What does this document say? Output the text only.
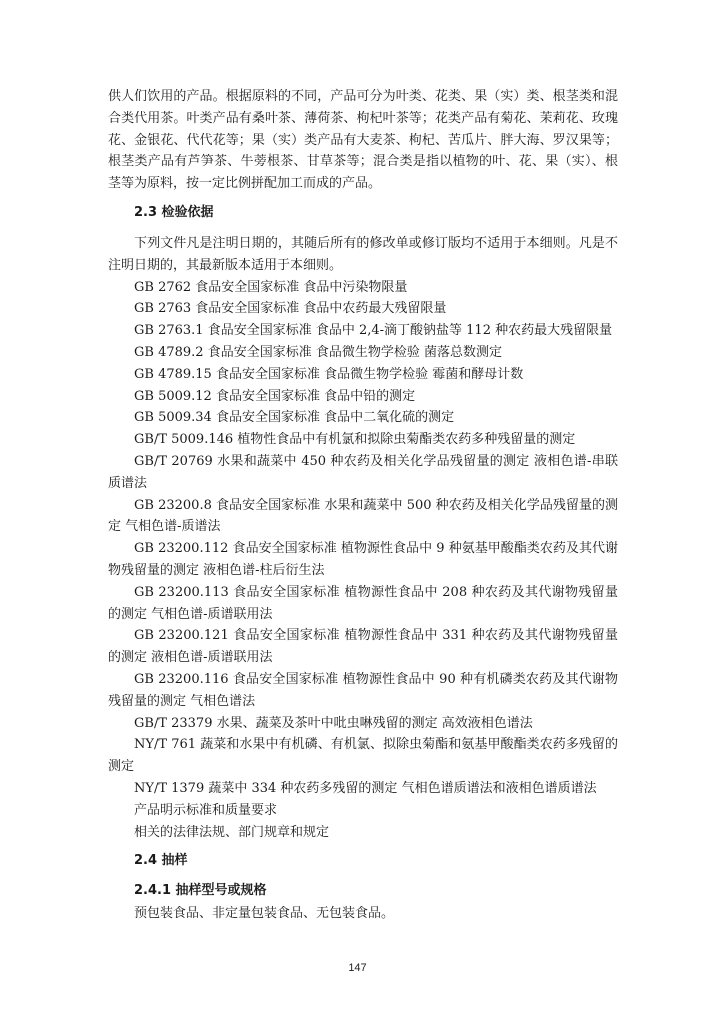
供人们饮用的产品。根据原料的不同，产品可分为叶类、花类、果（实）类、根茎类和混合类代用茶。叶类产品有桑叶茶、薄荷茶、枸杞叶茶等；花类产品有菊花、茉莉花、玫瑰花、金银花、代代花等；果（实）类产品有大麦茶、枸杞、苦瓜片、胖大海、罗汉果等；根茎类产品有芦笋茶、牛蒡根茶、甘草茶等；混合类是指以植物的叶、花、果（实）、根茎等为原料，按一定比例拼配加工而成的产品。

2.3 检验依据

下列文件凡是注明日期的，其随后所有的修改单或修订版均不适用于本细则。凡是不注明日期的，其最新版本适用于本细则。

GB 2762 食品安全国家标准 食品中污染物限量

GB 2763 食品安全国家标准 食品中农药最大残留限量

GB 2763.1 食品安全国家标准 食品中 2,4-滴丁酸钠盐等 112 种农药最大残留限量

GB 4789.2 食品安全国家标准 食品微生物学检验 菌落总数测定

GB 4789.15 食品安全国家标准 食品微生物学检验 霉菌和酵母计数

GB 5009.12 食品安全国家标准 食品中铅的测定

GB 5009.34 食品安全国家标准 食品中二氧化硫的测定

GB/T 5009.146 植物性食品中有机氯和拟除虫菊酯类农药多种残留量的测定

GB/T 20769 水果和蔬菜中 450 种农药及相关化学品残留量的测定 液相色谱-串联质谱法

GB 23200.8 食品安全国家标准 水果和蔬菜中 500 种农药及相关化学品残留量的测定 气相色谱-质谱法

GB 23200.112 食品安全国家标准 植物源性食品中 9 种氨基甲酸酯类农药及其代谢物残留量的测定 液相色谱-柱后衍生法

GB 23200.113 食品安全国家标准 植物源性食品中 208 种农药及其代谢物残留量的测定 气相色谱-质谱联用法

GB 23200.121 食品安全国家标准 植物源性食品中 331 种农药及其代谢物残留量的测定 液相色谱-质谱联用法

GB 23200.116 食品安全国家标准 植物源性食品中 90 种有机磷类农药及其代谢物残留量的测定 气相色谱法

GB/T 23379 水果、蔬菜及茶叶中吡虫啉残留的测定 高效液相色谱法

NY/T 761 蔬菜和水果中有机磷、有机氯、拟除虫菊酯和氨基甲酸酯类农药多残留的测定

NY/T 1379 蔬菜中 334 种农药多残留的测定 气相色谱质谱法和液相色谱质谱法

产品明示标准和质量要求

相关的法律法规、部门规章和规定

2.4 抽样

2.4.1 抽样型号或规格

预包装食品、非定量包装食品、无包装食品。

147
